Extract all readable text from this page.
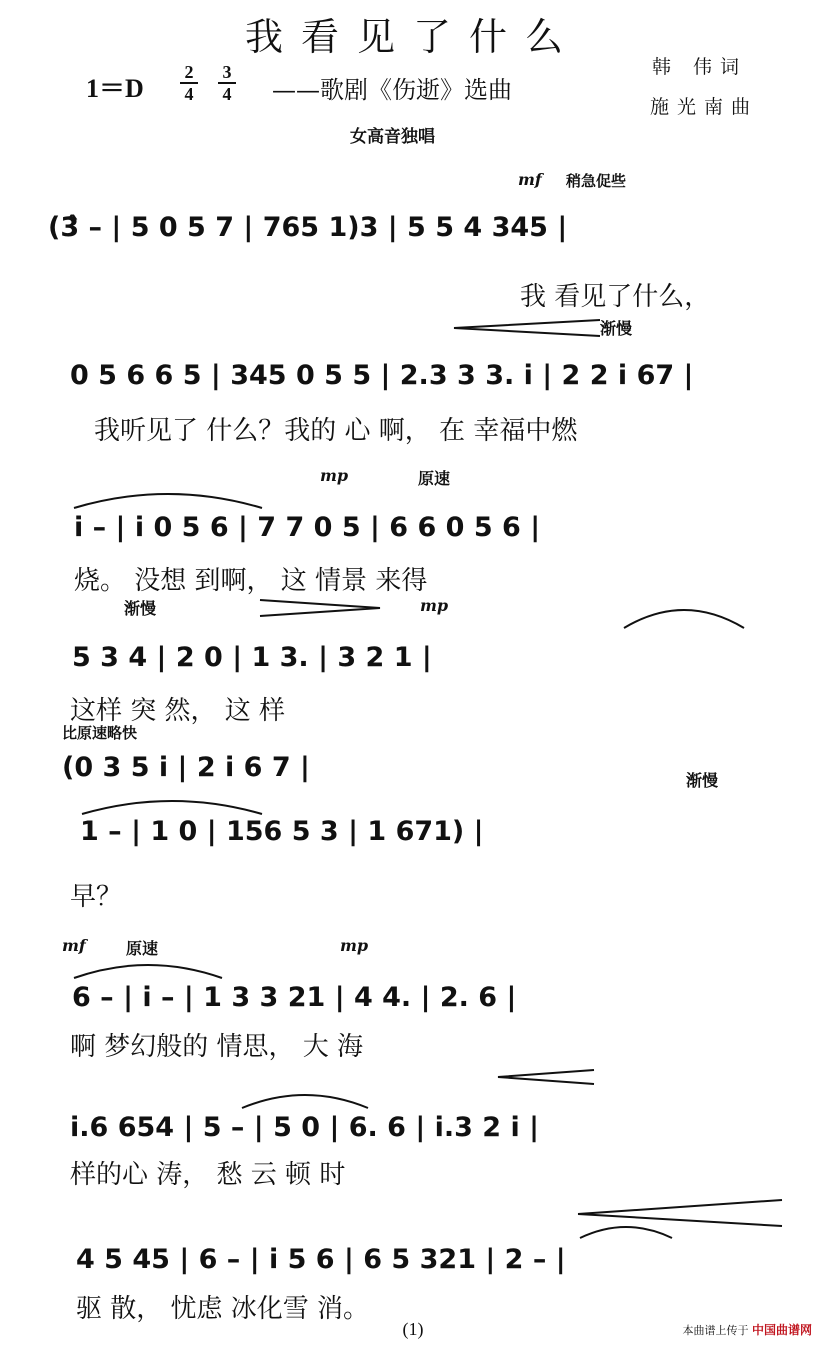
我看见了什么
1＝D
2
4
3
4 ——歌剧《伤逝》选曲
韩 伟词
施光南曲
女高音独唱
mf 稍急促些
(3̂ – | 5 0 5 7 | 765 1)3 | 5 5 4 345 |
我 看见了什么，
渐慢
0 5 6 6 5 | 345 0 5 5 | 2.3 3 3. i | 2 2 i 67 |
我听见了 什么？我的 心 啊， 在 幸福中燃
mp	原速
i – | i 0 5 6 | 7 7 0 5 | 6 6 0 5 6 |
烧。 没想 到啊， 这 情景 来得
渐慢	mp
5 3 4 | 2 0 | 1 3. | 3 2 1 |
这样 突 然， 这 样
比原速略快
(0 3 5 i | 2 i 6 7 |	渐慢
1 – | 1 0 | 156 5 3 | 1 671) |
早？
mf	原速	mp
6 – | i – | 1 3 3 21 | 4 4. | 2. 6 |
啊 梦幻般的 情思， 大 海
i.6 654 | 5 – | 5 0 | 6. 6 | i.3 2 i |
样的心 涛， 愁 云 顿 时
4 5 45 | 6 – | i 5 6 | 6 5 321 | 2 – |
驱 散， 忧虑 冰化雪 消。
(1)	本曲谱上传于 中国曲谱网
